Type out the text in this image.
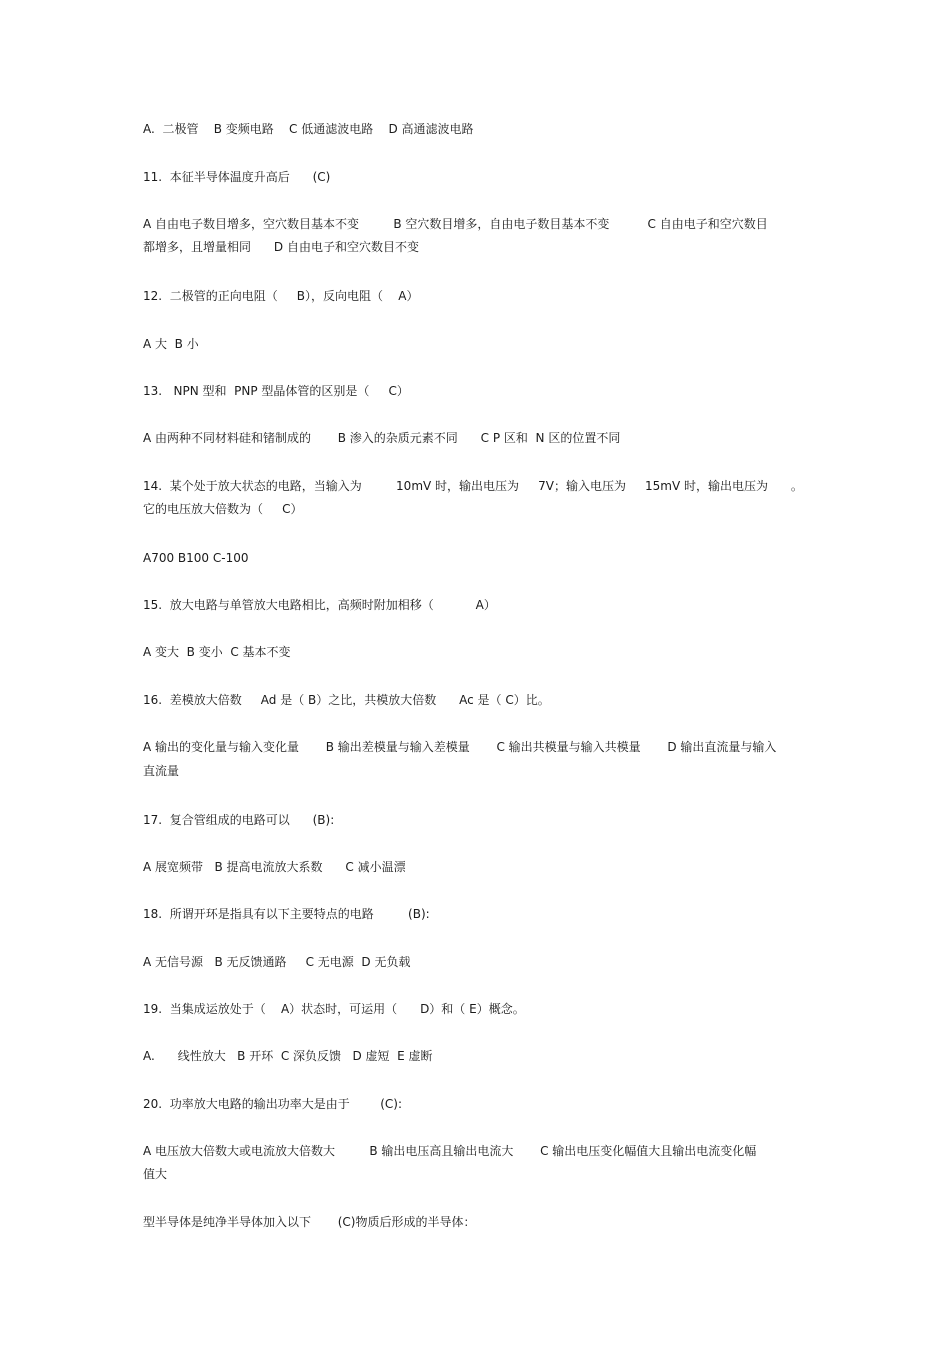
A.  二极管    B 变频电路    C 低通滤波电路    D 高通滤波电路
11.  本征半导体温度升高后      (C)
A 自由电子数目增多，空穴数目基本不变         B 空穴数目增多，自由电子数目基本不变          C 自由电子和空穴数目
都增多，且增量相同      D 自由电子和空穴数目不变
12.  二极管的正向电阻（     B），反向电阻（    A）
A 大  B 小
13.   NPN 型和  PNP 型晶体管的区别是（     C）
A 由两种不同材料硅和锗制成的       B 渗入的杂质元素不同      C P 区和  N 区的位置不同
14.  某个处于放大状态的电路，当输入为         10mV 时，输出电压为     7V；输入电压为     15mV 时，输出电压为      。
它的电压放大倍数为（     C）
A700 B100 C-100
15.  放大电路与单管放大电路相比，高频时附加相移（           A）
A 变大  B 变小  C 基本不变
16.  差模放大倍数     Ad 是（ B）之比，共模放大倍数      Ac 是（ C）比。
A 输出的变化量与输入变化量       B 输出差模量与输入差模量       C 输出共模量与输入共模量       D 输出直流量与输入
直流量
17.  复合管组成的电路可以      (B):
A 展宽频带   B 提高电流放大系数      C 减小温漂
18.  所谓开环是指具有以下主要特点的电路         (B):
A 无信号源   B 无反馈通路     C 无电源  D 无负载
19.  当集成运放处于（    A）状态时，可运用（      D）和（ E）概念。
A.      线性放大   B 开环  C 深负反馈   D 虚短  E 虚断
20.  功率放大电路的输出功率大是由于        (C):
A 电压放大倍数大或电流放大倍数大         B 输出电压高且输出电流大       C 输出电压变化幅值大且输出电流变化幅
值大
型半导体是纯净半导体加入以下       (C)物质后形成的半导体：
